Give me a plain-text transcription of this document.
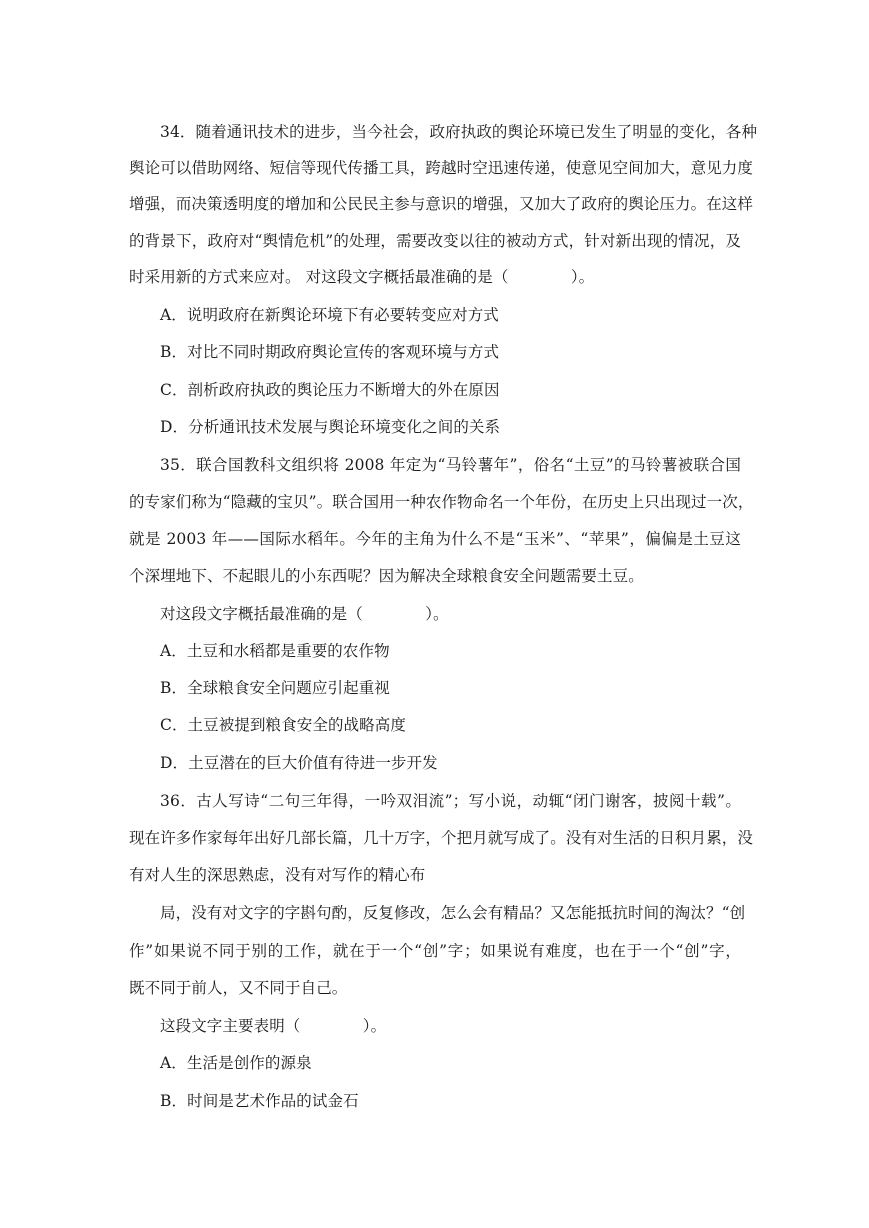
34．随着通讯技术的进步，当今社会，政府执政的舆论环境已发生了明显的变化，各种
舆论可以借助网络、短信等现代传播工具，跨越时空迅速传递，使意见空间加大，意见力度
增强，而决策透明度的增加和公民民主参与意识的增强，又加大了政府的舆论压力。在这样
的背景下，政府对“舆情危机”的处理，需要改变以往的被动方式，针对新出现的情况，及
时采用新的方式来应对。 对这段文字概括最准确的是（　　　　）。
A．说明政府在新舆论环境下有必要转变应对方式
B．对比不同时期政府舆论宣传的客观环境与方式
C．剖析政府执政的舆论压力不断增大的外在原因
D．分析通讯技术发展与舆论环境变化之间的关系
35．联合国教科文组织将 2008 年定为“马铃薯年”，俗名“土豆”的马铃薯被联合国
的专家们称为“隐藏的宝贝”。联合国用一种农作物命名一个年份，在历史上只出现过一次，
就是 2003 年——国际水稻年。今年的主角为什么不是“玉米”、“苹果”，偏偏是土豆这
个深埋地下、不起眼儿的小东西呢？因为解决全球粮食安全问题需要土豆。
对这段文字概括最准确的是（　　　　）。
A．土豆和水稻都是重要的农作物
B．全球粮食安全问题应引起重视
C．土豆被提到粮食安全的战略高度
D．土豆潜在的巨大价值有待进一步开发
36．古人写诗“二句三年得，一吟双泪流”；写小说，动辄“闭门谢客，披阅十载”。
现在许多作家每年出好几部长篇，几十万字，个把月就写成了。没有对生活的日积月累，没
有对人生的深思熟虑，没有对写作的精心布
局，没有对文字的字斟句酌，反复修改，怎么会有精品？又怎能抵抗时间的淘汰？“创
作”如果说不同于别的工作，就在于一个“创”字；如果说有难度，也在于一个“创”字，
既不同于前人，又不同于自己。
这段文字主要表明（　　　　）。
A．生活是创作的源泉
B．时间是艺术作品的试金石
